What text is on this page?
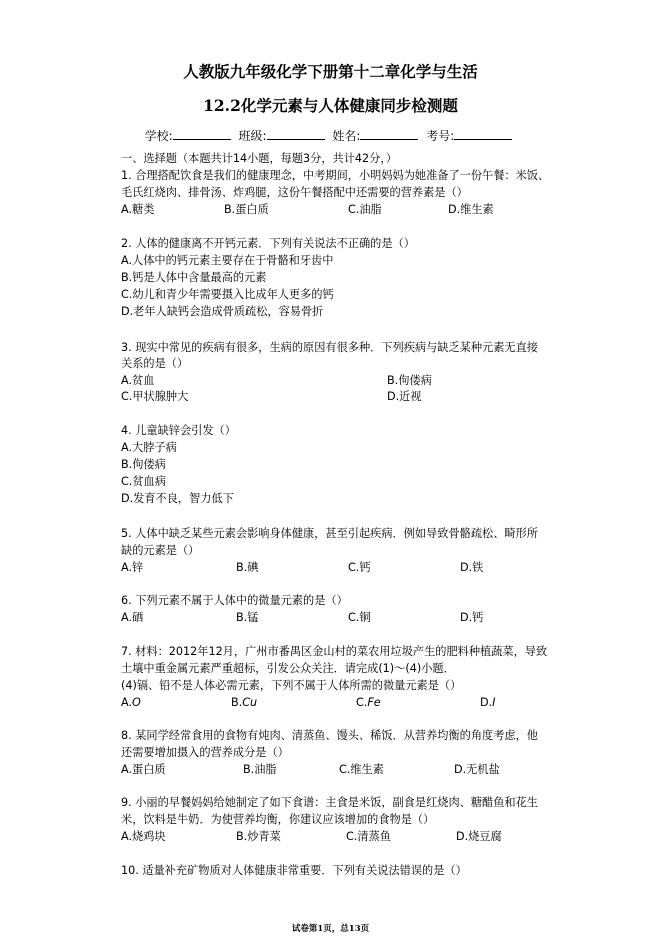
人教版九年级化学下册第十二章化学与生活
12.2化学元素与人体健康同步检测题
学校:	班级:	姓名:	考号:
一、选择题（本题共计14小题，每题3分，共计42分，）
1. 合理搭配饮食是我们的健康理念，中考期间，小明妈妈为她准备了一份午餐：米饭、
毛氏红烧肉、排骨汤、炸鸡腿，这份午餐搭配中还需要的营养素是（）
A.糖类	B.蛋白质	C.油脂	D.维生素
2. 人体的健康离不开钙元素．下列有关说法不正确的是（）
A.人体中的钙元素主要存在于骨骼和牙齿中
B.钙是人体中含量最高的元素
C.幼儿和青少年需要摄入比成年人更多的钙
D.老年人缺钙会造成骨质疏松，容易骨折
3. 现实中常见的疾病有很多，生病的原因有很多种．下列疾病与缺乏某种元素无直接
关系的是（）
A.贫血	B.佝偻病
C.甲状腺肿大	D.近视
4. 儿童缺锌会引发（）
A.大脖子病
B.佝偻病
C.贫血病
D.发育不良，智力低下
5. 人体中缺乏某些元素会影响身体健康，甚至引起疾病．例如导致骨骼疏松、畸形所
缺的元素是（）
A.锌	B.碘	C.钙	D.铁
6. 下列元素不属于人体中的微量元素的是（）
A.硒	B.锰	C.铜	D.钙
7. 材料：2012年12月，广州市番禺区金山村的菜农用垃圾产生的肥料种植蔬菜，导致
土壤中重金属元素严重超标，引发公众关注．请完成(1)～(4)小题．
(4)镉、铅不是人体必需元素，下列不属于人体所需的微量元素是（）
A.O	B.Cu	C.Fe	D.I
8. 某同学经常食用的食物有炖肉、清蒸鱼、馒头、稀饭．从营养均衡的角度考虑，他
还需要增加摄入的营养成分是（）
A.蛋白质	B.油脂	C.维生素	D.无机盐
9. 小丽的早餐妈妈给她制定了如下食谱：主食是米饭，副食是红烧肉、糖醋鱼和花生
米，饮料是牛奶．为使营养均衡，你建议应该增加的食物是（）
A.烧鸡块	B.炒青菜	C.清蒸鱼	D.烧豆腐
10. 适量补充矿物质对人体健康非常重要．下列有关说法错误的是（）
试卷第1页，总13页
